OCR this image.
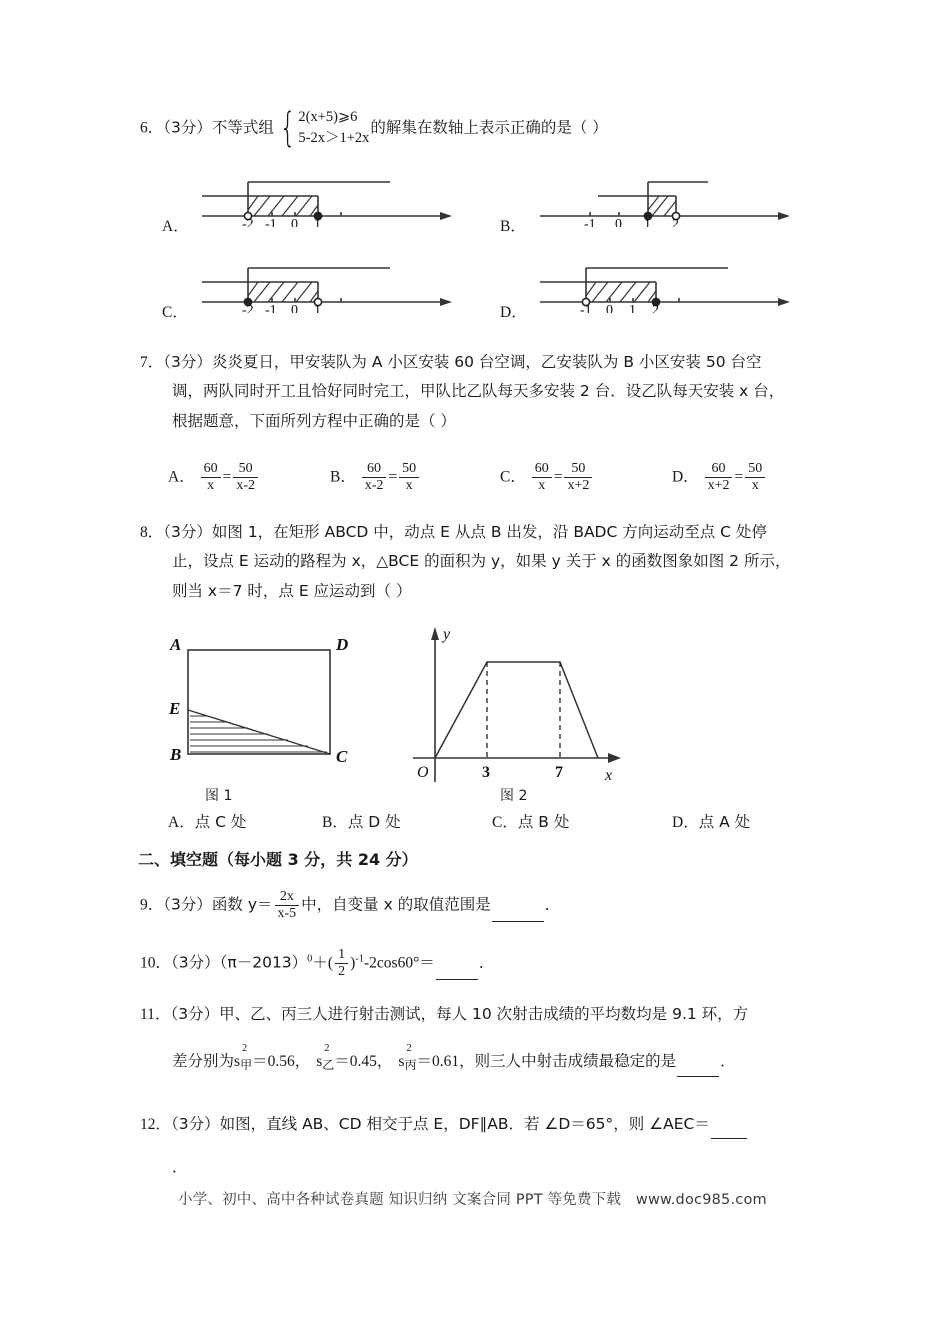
6．（3分）不等式组 { 2(x+5)⩾6
5-2x＞1+2x
的解集在数轴上表示正确的是（ ）
A．	-2 -1 0 1	B．	-1 0 1 2
C．	-2 -1 0 1	D．	-1 0 1 2
7．（3分）炎炎夏日，甲安装队为 A 小区安装 60 台空调，乙安装队为 B 小区安装 50 台空
调，两队同时开工且恰好同时完工，甲队比乙队每天多安装 2 台．设乙队每天安装 x 台，
根据题意，下面所列方程中正确的是（ ）
A． $\frac{60}{x} = \frac{50}{x-2}$	B． $\frac{60}{x-2} = \frac{50}{x}$	C． $\frac{60}{x} = \frac{50}{x+2}$	D． $\frac{60}{x+2} = \frac{50}{x}$
8．（3分）如图 1，在矩形 ABCD 中，动点 E 从点 B 出发，沿 BADC 方向运动至点 C 处停
止，设点 E 运动的路程为 x，△BCE 的面积为 y，如果 y 关于 x 的函数图象如图 2 所示，
则当 x＝7 时，点 E 应运动到（ ）
A	D
E
B	C
图 1
y
x
O	3	7
图 2
A．点 C 处	B．点 D 处	C．点 B 处	D．点 A 处
二、填空题（每小题 3 分，共 24 分）
9．（3分）函数 $y= \frac{2x}{x-5}$ 中，自变量 x 的取值范围是	．
10．（3分）$(\pi-2013)^0+( \frac{1}{2} )^{-1}-2\cos 60^\circ=$	．
11．（3分）甲、乙、丙三人进行射击测试，每人 10 次射击成绩的平均数均是 9.1 环，方
差分别为s
2
甲＝0.56， s
2
乙＝0.45， s
2
丙＝0.61，则三人中射击成绩最稳定的是	．
12．（3分）如图，直线 AB、CD 相交于点 E，DF∥AB．若 ∠D＝65°，则 ∠AEC＝
．
小学、初中、高中各种试卷真题 知识归纳 文案合同 PPT 等免费下载 www.doc985.com
